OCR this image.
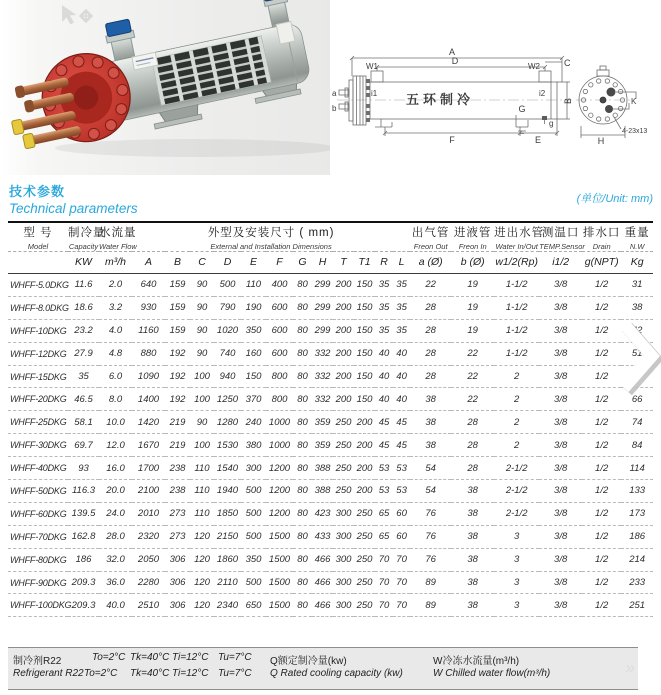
A
W1
D
W2	C
i1	i2
a
b
B
G
g
F	E	H
K
4-23x13
五环制冷
技术参数
Technical parameters
(单位/Unit: mm)
型 号
Model

制冷量
Capacity

水流量
Water Flow

外型及安装尺寸 ( mm)
External and Installation Dimensions

出气管
Freon Out

进液管
Freon In

进出水管
Water In/Out

测温口
TEMP.Sensor

排水口
Drain

重量
N.W

	KW	m³/h	A	B	C	D	E	F	G	H	T	T1	R	L	a (Ø)	b (Ø)	w1/2(Rp)	i1/2	g(NPT)	Kg
WHFF-5.0DKG	11.6	2.0	640	159	90	500	110	400	80	299	200	150	35	35	22	19	1-1/2	3/8	1/2	31
WHFF-8.0DKG	18.6	3.2	930	159	90	790	190	600	80	299	200	150	35	35	28	19	1-1/2	3/8	1/2	38
WHFF-10DKG	23.2	4.0	1160	159	90	1020	350	600	80	299	200	150	35	35	28	19	1-1/2	3/8	1/2	42
WHFF-12DKG	27.9	4.8	880	192	90	740	160	600	80	332	200	150	40	40	28	22	1-1/2	3/8	1/2	51
WHFF-15DKG	35	6.0	1090	192	100	940	150	800	80	332	200	150	40	40	28	22	2	3/8	1/2	57
WHFF-20DKG	46.5	8.0	1400	192	100	1250	370	800	80	332	200	150	40	40	38	22	2	3/8	1/2	66
WHFF-25DKG	58.1	10.0	1420	219	90	1280	240	1000	80	359	250	200	45	45	38	28	2	3/8	1/2	74
WHFF-30DKG	69.7	12.0	1670	219	100	1530	380	1000	80	359	250	200	45	45	38	28	2	3/8	1/2	84
WHFF-40DKG	93	16.0	1700	238	110	1540	300	1200	80	388	250	200	53	53	54	28	2-1/2	3/8	1/2	114
WHFF-50DKG	116.3	20.0	2100	238	110	1940	500	1200	80	388	250	200	53	53	54	38	2-1/2	3/8	1/2	133
WHFF-60DKG	139.5	24.0	2010	273	110	1850	500	1200	80	423	300	250	65	60	76	38	2-1/2	3/8	1/2	173
WHFF-70DKG	162.8	28.0	2320	273	120	2150	500	1500	80	433	300	250	65	60	76	38	3	3/8	1/2	186
WHFF-80DKG	186	32.0	2050	306	120	1860	350	1500	80	466	300	250	70	70	76	38	3	3/8	1/2	214
WHFF-90DKG	209.3	36.0	2280	306	120	2110	500	1500	80	466	300	250	70	70	89	38	3	3/8	1/2	233
WHFF-100DKG	209.3	40.0	2510	306	120	2340	650	1500	80	466	300	250	70	70	89	38	3	3/8	1/2	251
制冷剂R22	To=2°C Tk=40°C Ti=12°C Tu=7°C Q额定制冷量(kw)	W冷冻水流量(m³/h)
Refrigerant R22 To=2°C Tk=40°C Ti=12°C Tu=7°C Q Rated cooling capacity (kw)	W Chilled water flow(m³/h)	»
